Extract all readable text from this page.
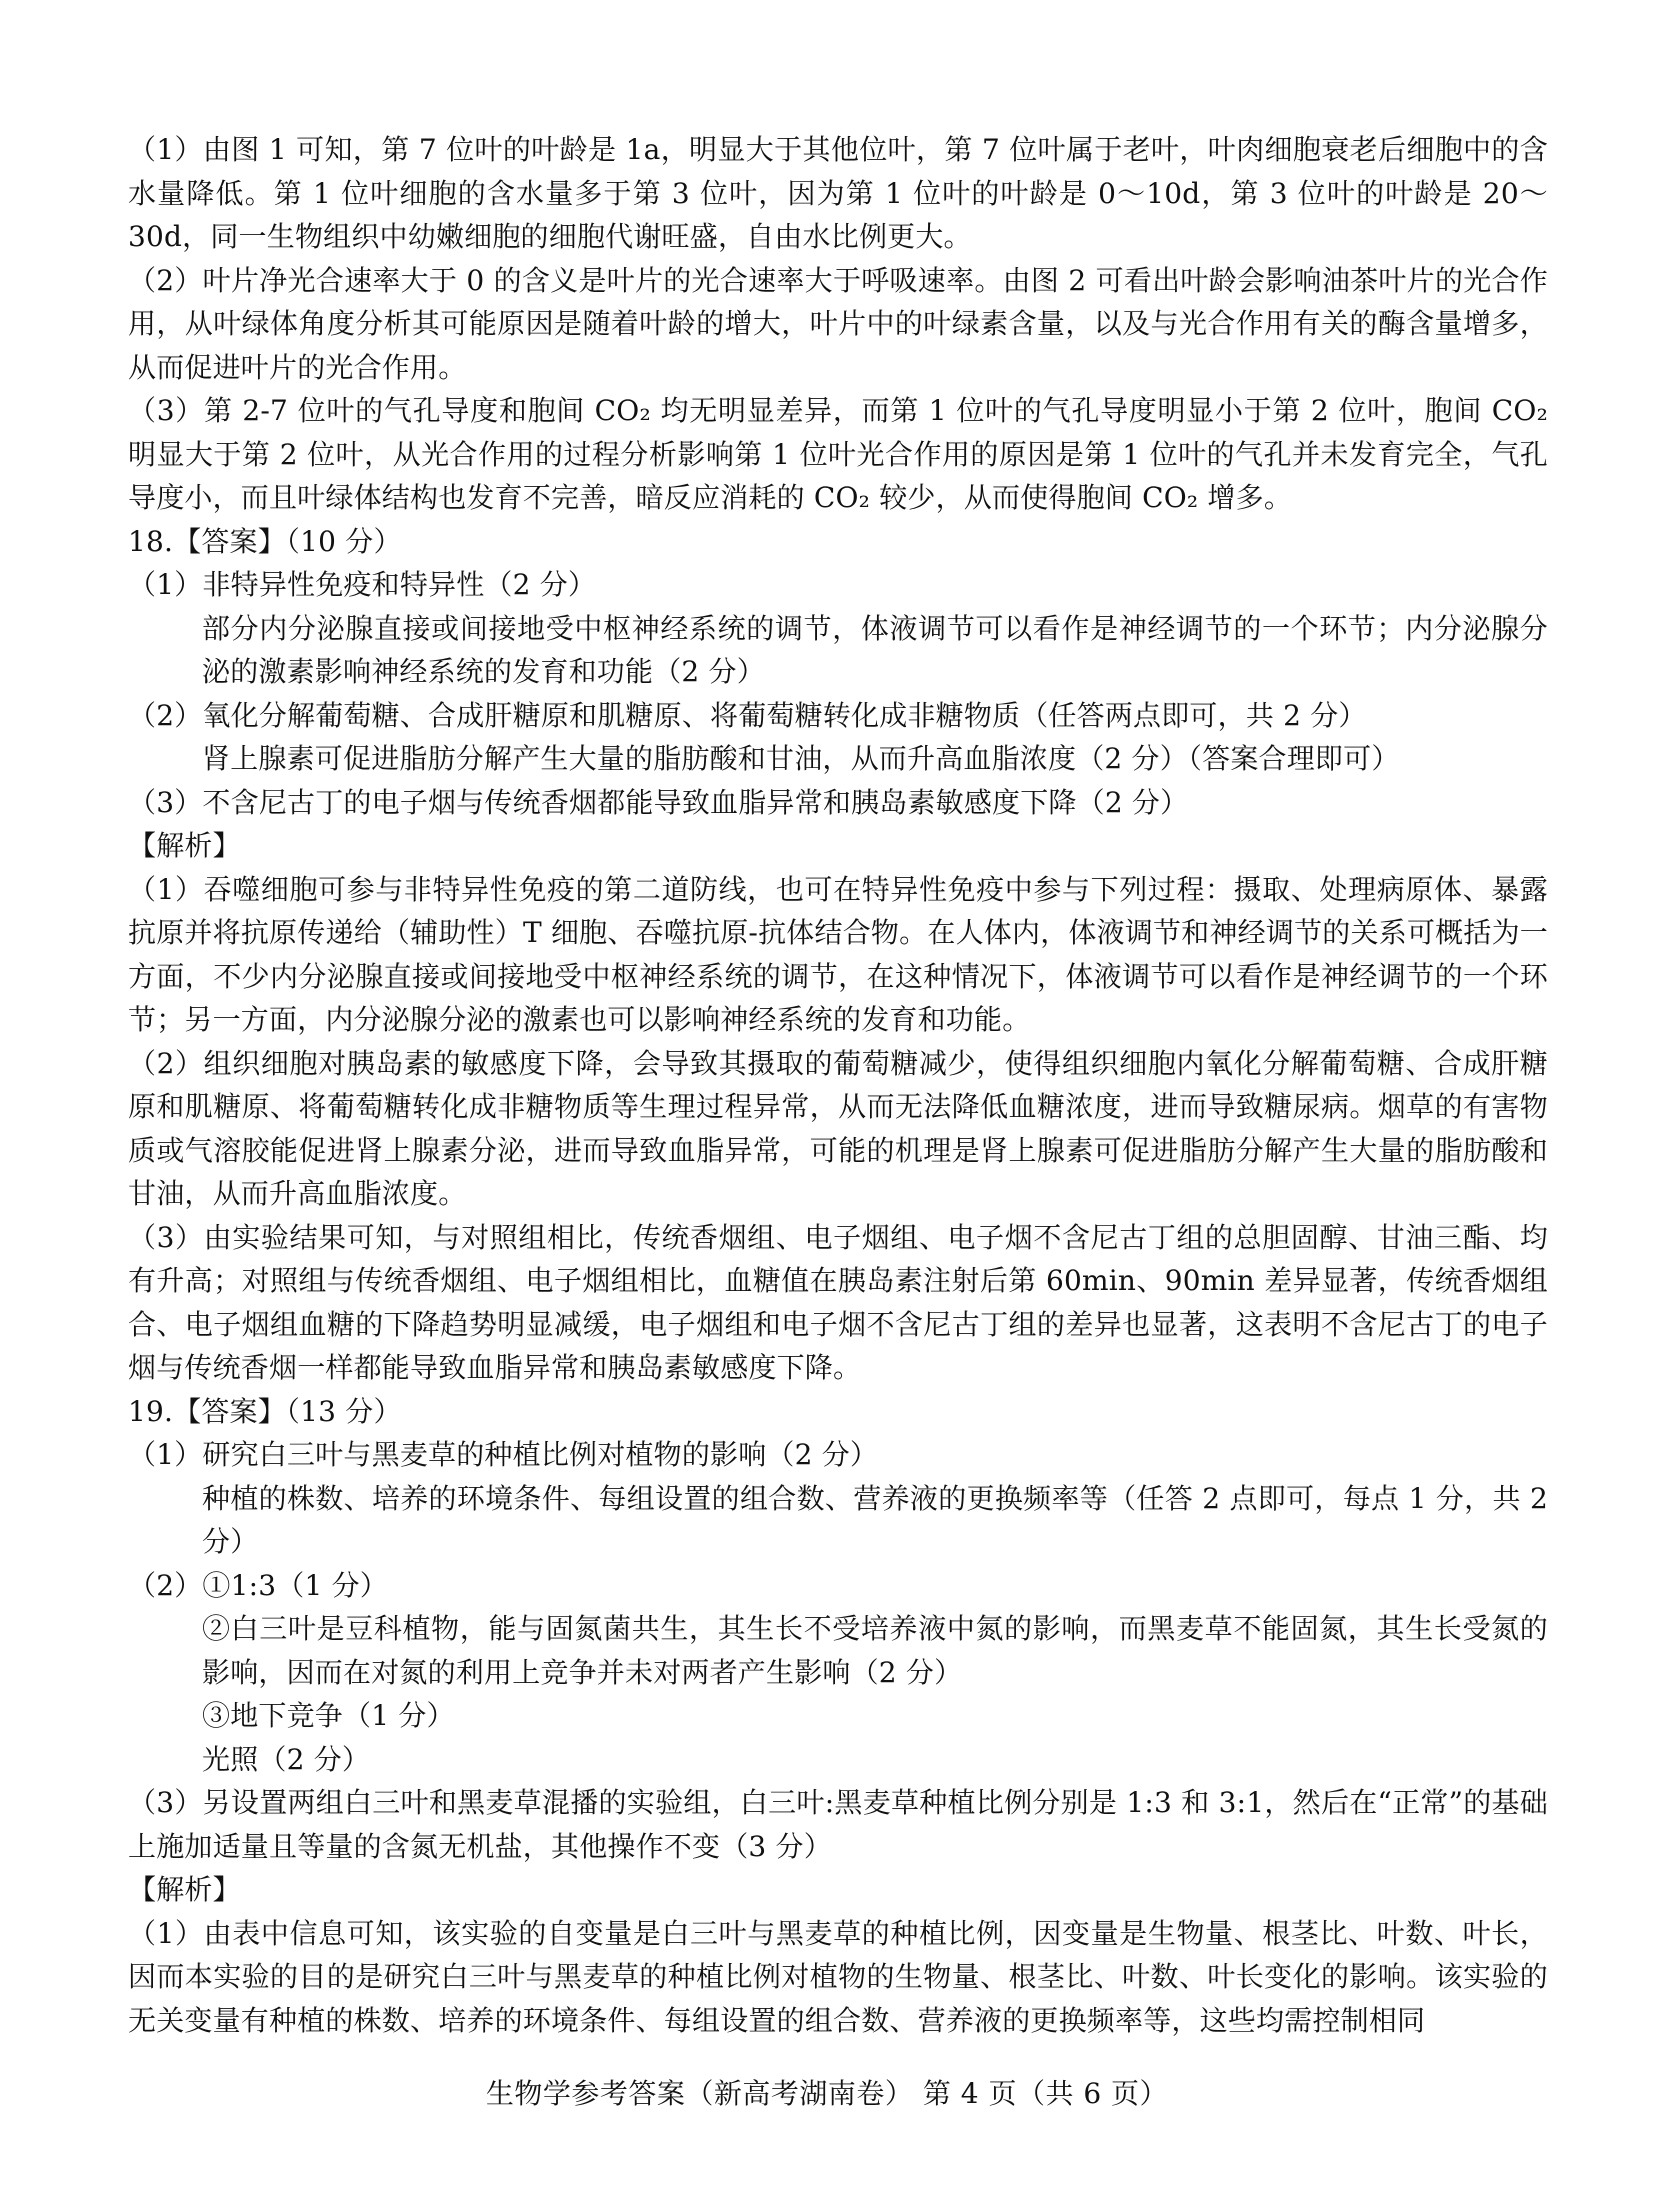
（1）由图 1 可知，第 7 位叶的叶龄是 1a，明显大于其他位叶，第 7 位叶属于老叶，叶肉细胞衰老后细胞中的含水量降低。第 1 位叶细胞的含水量多于第 3 位叶，因为第 1 位叶的叶龄是 0～10d，第 3 位叶的叶龄是 20～30d，同一生物组织中幼嫩细胞的细胞代谢旺盛，自由水比例更大。

（2）叶片净光合速率大于 0 的含义是叶片的光合速率大于呼吸速率。由图 2 可看出叶龄会影响油茶叶片的光合作用，从叶绿体角度分析其可能原因是随着叶龄的增大，叶片中的叶绿素含量，以及与光合作用有关的酶含量增多，从而促进叶片的光合作用。

（3）第 2-7 位叶的气孔导度和胞间 CO₂ 均无明显差异，而第 1 位叶的气孔导度明显小于第 2 位叶，胞间 CO₂ 明显大于第 2 位叶，从光合作用的过程分析影响第 1 位叶光合作用的原因是第 1 位叶的气孔并未发育完全，气孔导度小，而且叶绿体结构也发育不完善，暗反应消耗的 CO₂ 较少，从而使得胞间 CO₂ 增多。

18.【答案】（10 分）

（1）非特异性免疫和特异性（2 分）

部分内分泌腺直接或间接地受中枢神经系统的调节，体液调节可以看作是神经调节的一个环节；内分泌腺分泌的激素影响神经系统的发育和功能（2 分）

（2）氧化分解葡萄糖、合成肝糖原和肌糖原、将葡萄糖转化成非糖物质（任答两点即可，共 2 分）

肾上腺素可促进脂肪分解产生大量的脂肪酸和甘油，从而升高血脂浓度（2 分）（答案合理即可）

（3）不含尼古丁的电子烟与传统香烟都能导致血脂异常和胰岛素敏感度下降（2 分）

【解析】

（1）吞噬细胞可参与非特异性免疫的第二道防线，也可在特异性免疫中参与下列过程：摄取、处理病原体、暴露抗原并将抗原传递给（辅助性）T 细胞、吞噬抗原-抗体结合物。在人体内，体液调节和神经调节的关系可概括为一方面，不少内分泌腺直接或间接地受中枢神经系统的调节，在这种情况下，体液调节可以看作是神经调节的一个环节；另一方面，内分泌腺分泌的激素也可以影响神经系统的发育和功能。

（2）组织细胞对胰岛素的敏感度下降，会导致其摄取的葡萄糖减少，使得组织细胞内氧化分解葡萄糖、合成肝糖原和肌糖原、将葡萄糖转化成非糖物质等生理过程异常，从而无法降低血糖浓度，进而导致糖尿病。烟草的有害物质或气溶胶能促进肾上腺素分泌，进而导致血脂异常，可能的机理是肾上腺素可促进脂肪分解产生大量的脂肪酸和甘油，从而升高血脂浓度。

（3）由实验结果可知，与对照组相比，传统香烟组、电子烟组、电子烟不含尼古丁组的总胆固醇、甘油三酯、均有升高；对照组与传统香烟组、电子烟组相比，血糖值在胰岛素注射后第 60min、90min 差异显著，传统香烟组合、电子烟组血糖的下降趋势明显减缓，电子烟组和电子烟不含尼古丁组的差异也显著，这表明不含尼古丁的电子烟与传统香烟一样都能导致血脂异常和胰岛素敏感度下降。

19.【答案】（13 分）

（1）研究白三叶与黑麦草的种植比例对植物的影响（2 分）

种植的株数、培养的环境条件、每组设置的组合数、营养液的更换频率等（任答 2 点即可，每点 1 分，共 2 分）

（2）①1:3（1 分）

②白三叶是豆科植物，能与固氮菌共生，其生长不受培养液中氮的影响，而黑麦草不能固氮，其生长受氮的影响，因而在对氮的利用上竞争并未对两者产生影响（2 分）

③地下竞争（1 分）

光照（2 分）

（3）另设置两组白三叶和黑麦草混播的实验组，白三叶:黑麦草种植比例分别是 1:3 和 3:1，然后在“正常”的基础上施加适量且等量的含氮无机盐，其他操作不变（3 分）

【解析】

（1）由表中信息可知，该实验的自变量是白三叶与黑麦草的种植比例，因变量是生物量、根茎比、叶数、叶长，因而本实验的目的是研究白三叶与黑麦草的种植比例对植物的生物量、根茎比、叶数、叶长变化的影响。该实验的无关变量有种植的株数、培养的环境条件、每组设置的组合数、营养液的更换频率等，这些均需控制相同

生物学参考答案（新高考湖南卷） 第 4 页（共 6 页）
